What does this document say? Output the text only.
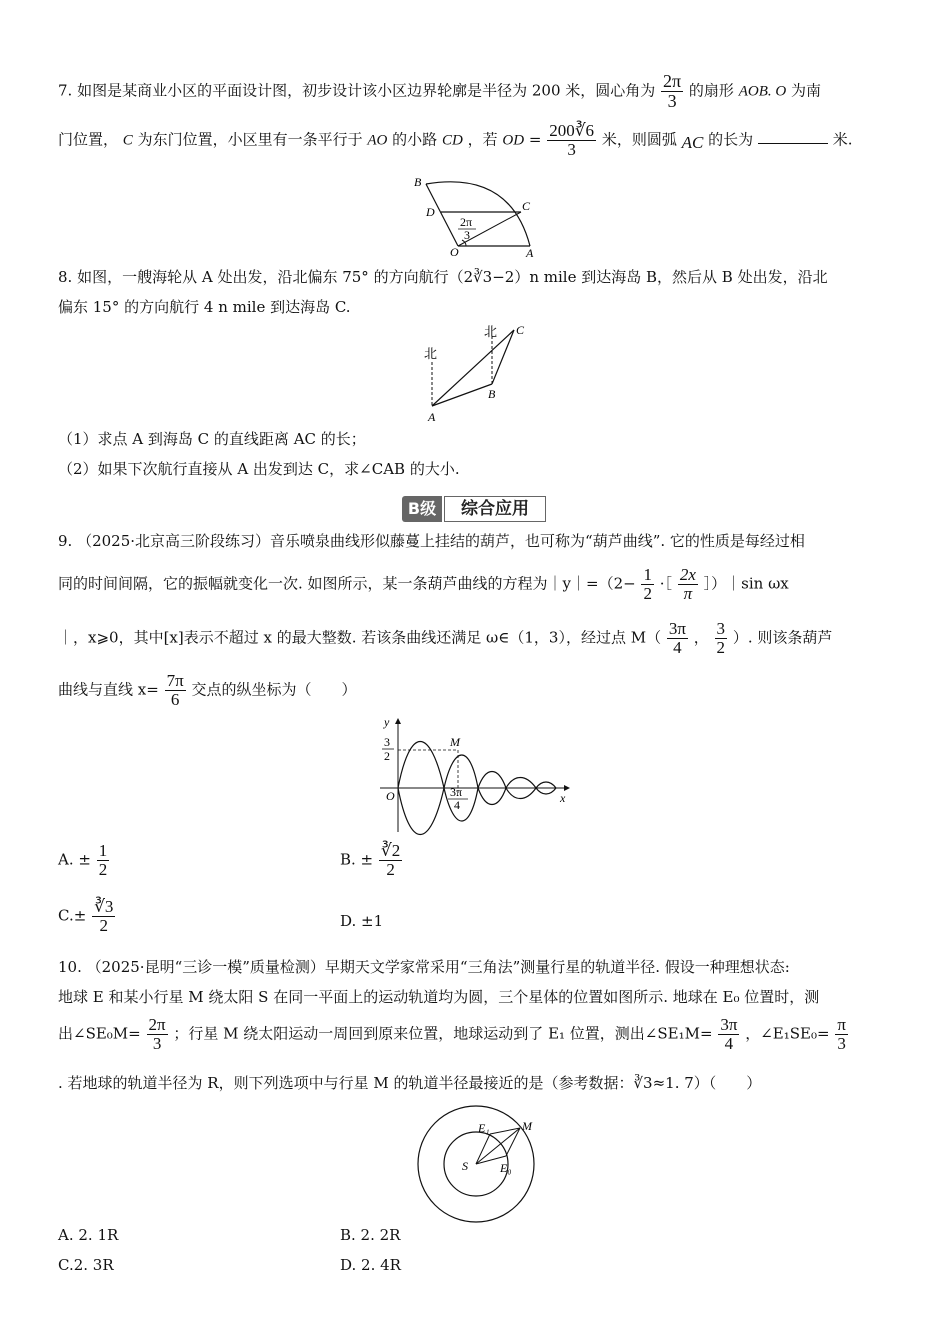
7. 如图是某商业小区的平面设计图，初步设计该小区边界轮廓是半径为 200 米，圆心角为 $\frac{2\pi}{3}$ 的扇形 AOB. O 为南
门位置， C 为东门位置，小区里有一条平行于 AO 的小路 CD ，若 OD = $\frac{200∛6}{3}$ 米，则圆弧 AC 的长为	米.
B
D	C
O	A
2π
3
8. 如图，一艘海轮从 A 处出发，沿北偏东 75° 的方向航行（2∛3−2）n mile 到达海岛 B，然后从 B 处出发，沿北
偏东 15° 的方向航行 4 n mile 到达海岛 C.
北
北
A
B
C
（1）求点 A 到海岛 C 的直线距离 AC 的长；
（2）如果下次航行直接从 A 出发到达 C，求∠CAB 的大小.
B级	综合应用
9. （2025·北京高三阶段练习）音乐喷泉曲线形似藤蔓上挂结的葫芦，也可称为“葫芦曲线”. 它的性质是每经过相
同的时间间隔，它的振幅就变化一次. 如图所示，某一条葫芦曲线的方程为｜y｜=（2− $\frac{1}{2}$ ·［ $\frac{2x}{\pi}$ ］）｜sin ωx
｜，x⩾0，其中[x]表示不超过 x 的最大整数. 若该条曲线还满足 ω∈（1，3），经过点 $M( \frac{3\pi}{4}$ ， $\frac{3}{2}$ ）. 则该条葫芦
曲线与直线 $x= \frac{7\pi}{6}$ 交点的纵坐标为（　　）
y
x
O
M
3
2
3π
4
A. ± $\frac{1}{2}$	B. ± $\frac{∛2}{2}$
$C.\pm \frac{∛3}{2}$	D. ±1
10. （2025·昆明“三诊一模”质量检测）早期天文学家常采用“三角法”测量行星的轨道半径. 假设一种理想状态:
地球 E 和某小行星 M 绕太阳 S 在同一平面上的运动轨道均为圆，三个星体的位置如图所示. 地球在 E₀ 位置时，测
出∠SE₀M= $\frac{2\pi}{3}$ ；行星 M 绕太阳运动一周回到原来位置，地球运动到了 E₁ 位置，测出∠SE₁M= $\frac{3\pi}{4}$ ，∠E₁SE₀= $\frac{\pi}{3}$
. 若地球的轨道半径为 R，则下列选项中与行星 M 的轨道半径最接近的是（参考数据：∛3≈1. 7）（　　）
S
M
E₁
E₀
A. 2. 1R	B. 2. 2R
C.2. 3R	D. 2. 4R
